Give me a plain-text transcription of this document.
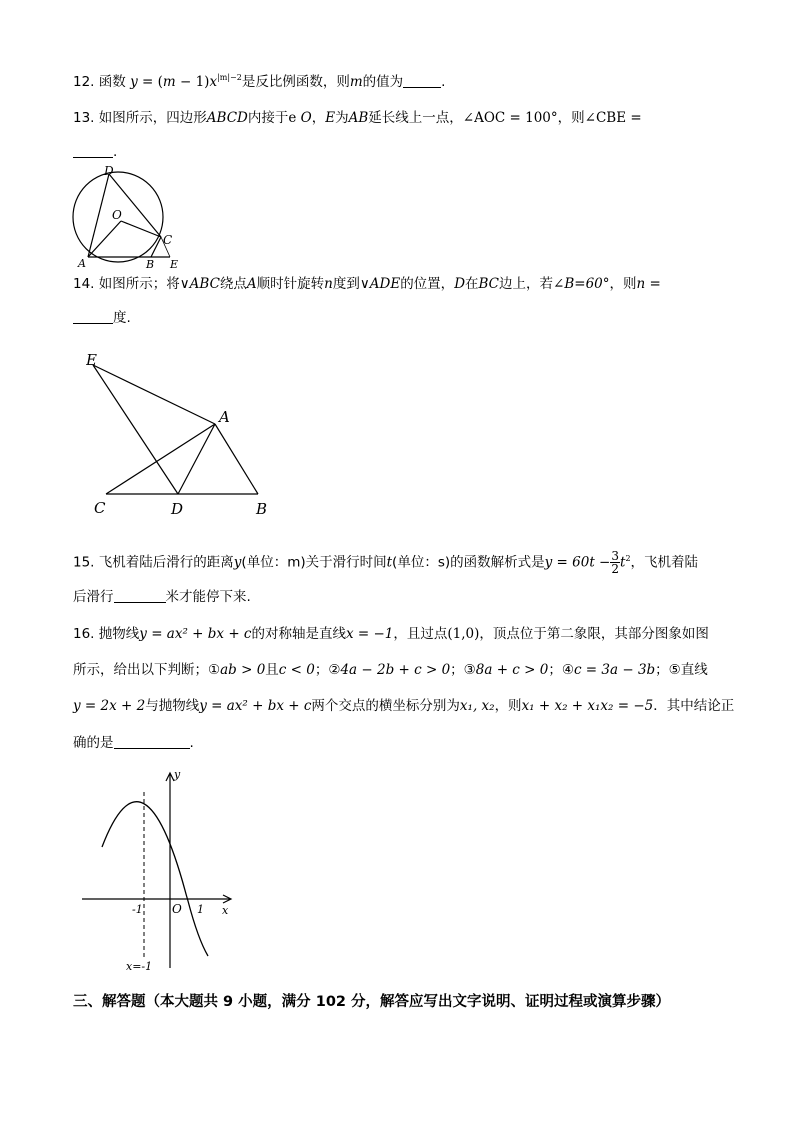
12. 函数 $y = (m - 1)x^{|m|-2}$是反比例函数，则m的值为	.
13. 如图所示，四边形ABCD内接于e O，E为AB延长线上一点，∠AOC = 100°，则∠CBE =
.
D
O
C
A	B E
14. 如图所示；将∨ABC绕点A顺时针旋转n度到∨ADE的位置，D在BC边上，若∠B=60°，则n =
度.
E
A
C	D	B
15. 飞机着陆后滑行的距离y(单位：m)关于滑行时间t(单位：s)的函数解析式是$y = 60t - \frac{3}{2} t^2$，飞机着陆
后滑行	米才能停下来.
16. 抛物线y = ax² + bx + c的对称轴是直线x = −1，且过点(1,0)，顶点位于第二象限，其部分图象如图
所示，给出以下判断；①ab > 0且c < 0；②4a − 2b + c > 0；③8a + c > 0；④c = 3a − 3b；⑤直线
y = 2x + 2与抛物线y = ax² + bx + c两个交点的横坐标分别为x₁, x₂，则x₁ + x₂ + x₁x₂ = −5．其中结论正
确的是	.
y
x
O
-1	1
x=-1
三、解答题（本大题共 9 小题，满分 102 分，解答应写出文字说明、证明过程或演算步骤）
